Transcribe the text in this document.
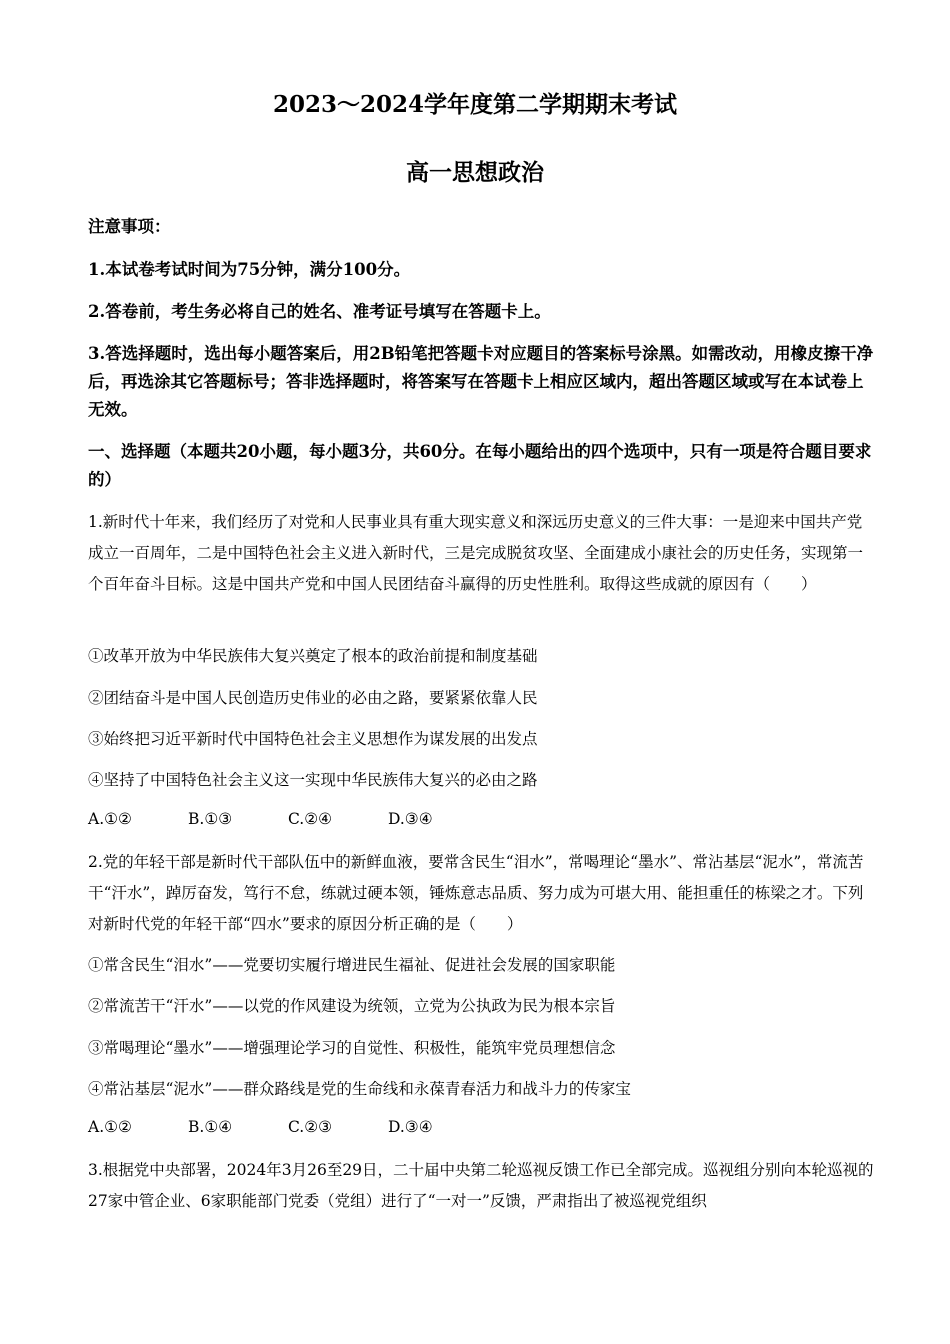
2023～2024学年度第二学期期末考试
高一思想政治

注意事项：

1.本试卷考试时间为75分钟，满分100分。

2.答卷前，考生务必将自己的姓名、准考证号填写在答题卡上。

3.答选择题时，选出每小题答案后，用2B铅笔把答题卡对应题目的答案标号涂黑。如需改动，用橡皮擦干净后，再选涂其它答题标号；答非选择题时，将答案写在答题卡上相应区域内，超出答题区域或写在本试卷上无效。

一、选择题（本题共20小题，每小题3分，共60分。在每小题给出的四个选项中，只有一项是符合题目要求的）

1.新时代十年来，我们经历了对党和人民事业具有重大现实意义和深远历史意义的三件大事：一是迎来中国共产党成立一百周年，二是中国特色社会主义进入新时代，三是完成脱贫攻坚、全面建成小康社会的历史任务，实现第一个百年奋斗目标。这是中国共产党和中国人民团结奋斗赢得的历史性胜利。取得这些成就的原因有（　　）

①改革开放为中华民族伟大复兴奠定了根本的政治前提和制度基础

②团结奋斗是中国人民创造历史伟业的必由之路，要紧紧依靠人民

③始终把习近平新时代中国特色社会主义思想作为谋发展的出发点

④坚持了中国特色社会主义这一实现中华民族伟大复兴的必由之路

A.①②	B.①③	C.②④	D.③④

2.党的年轻干部是新时代干部队伍中的新鲜血液，要常含民生“泪水”，常喝理论“墨水”、常沾基层“泥水”，常流苦干“汗水”，踔厉奋发，笃行不怠，练就过硬本领，锤炼意志品质、努力成为可堪大用、能担重任的栋梁之才。下列对新时代党的年轻干部“四水”要求的原因分析正确的是（　　）

①常含民生“泪水”——党要切实履行增进民生福祉、促进社会发展的国家职能

②常流苦干“汗水”——以党的作风建设为统领，立党为公执政为民为根本宗旨

③常喝理论“墨水”——增强理论学习的自觉性、积极性，能筑牢党员理想信念

④常沾基层“泥水”——群众路线是党的生命线和永葆青春活力和战斗力的传家宝

A.①②	B.①④	C.②③	D.③④

3.根据党中央部署，2024年3月26至29日，二十届中央第二轮巡视反馈工作已全部完成。巡视组分别向本轮巡视的27家中管企业、6家职能部门党委（党组）进行了“一对一”反馈，严肃指出了被巡视党组织
